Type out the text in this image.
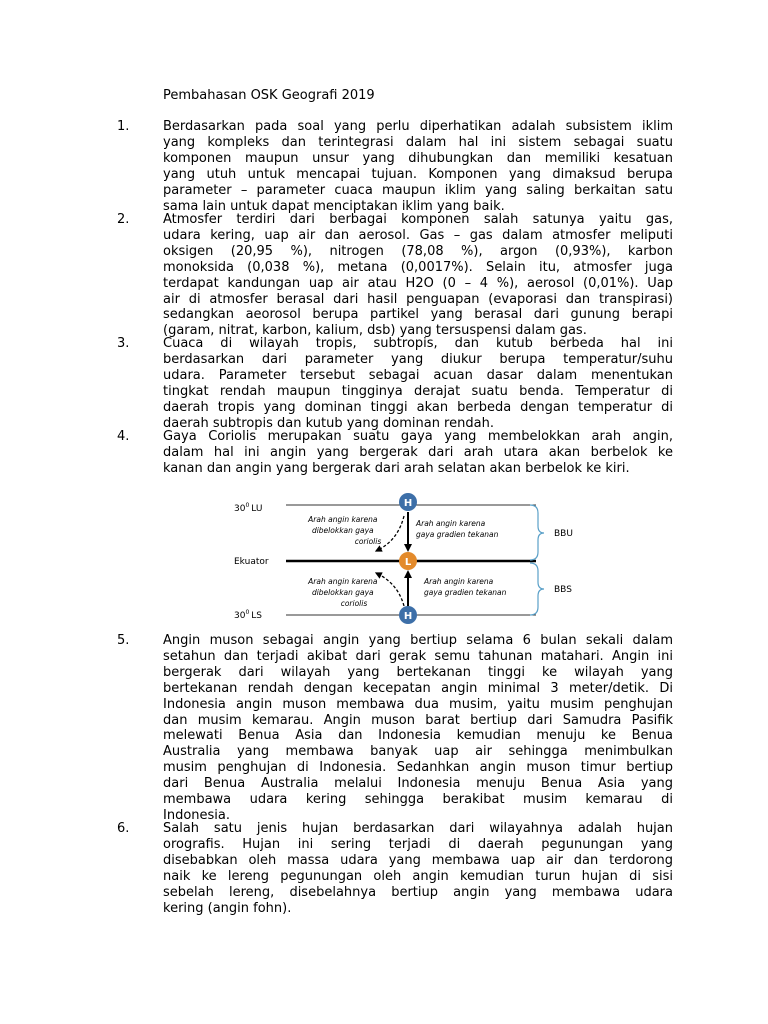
Pembahasan OSK Geografi 2019
1.	Berdasarkan pada soal yang perlu diperhatikan adalah subsistem iklim
yang kompleks dan terintegrasi dalam hal ini sistem sebagai suatu
komponen maupun unsur yang dihubungkan dan memiliki kesatuan
yang utuh untuk mencapai tujuan. Komponen yang dimaksud berupa
parameter – parameter cuaca maupun iklim yang saling berkaitan satu
sama lain untuk dapat menciptakan iklim yang baik.
2.	Atmosfer terdiri dari berbagai komponen salah satunya yaitu gas,
udara kering, uap air dan aerosol. Gas – gas dalam atmosfer meliputi
oksigen (20,95 %), nitrogen (78,08 %), argon (0,93%), karbon
monoksida (0,038 %), metana (0,0017%). Selain itu, atmosfer juga
terdapat kandungan uap air atau H2O (0 – 4 %), aerosol (0,01%). Uap
air di atmosfer berasal dari hasil penguapan (evaporasi dan transpirasi)
sedangkan aeorosol berupa partikel yang berasal dari gunung berapi
(garam, nitrat, karbon, kalium, dsb) yang tersuspensi dalam gas.
3.	Cuaca di wilayah tropis, subtropis, dan kutub berbeda hal ini
berdasarkan dari parameter yang diukur berupa temperatur/suhu
udara. Parameter tersebut sebagai acuan dasar dalam menentukan
tingkat rendah maupun tingginya derajat suatu benda. Temperatur di
daerah tropis yang dominan tinggi akan berbeda dengan temperatur di
daerah subtropis dan kutub yang dominan rendah.
4.	Gaya Coriolis merupakan suatu gaya yang membelokkan arah angin,
dalam hal ini angin yang bergerak dari arah utara akan berbelok ke
kanan dan angin yang bergerak dari arah selatan akan berbelok ke kiri.
$30^0$ LU
$30^0$ LS
Ekuator
BBU
BBS
H
L
H
Arah angin karena dibelokkan gaya coriolis
Arah angin karena gaya gradien tekanan
Arah angin karena dibelokkan gaya coriolis
Arah angin karena gaya gradien tekanan
5.	Angin muson sebagai angin yang bertiup selama 6 bulan sekali dalam
setahun dan terjadi akibat dari gerak semu tahunan matahari. Angin ini
bergerak dari wilayah yang bertekanan tinggi ke wilayah yang
bertekanan rendah dengan kecepatan angin minimal 3 meter/detik. Di
Indonesia angin muson membawa dua musim, yaitu musim penghujan
dan musim kemarau. Angin muson barat bertiup dari Samudra Pasifik
melewati Benua Asia dan Indonesia kemudian menuju ke Benua
Australia yang membawa banyak uap air sehingga menimbulkan
musim penghujan di Indonesia. Sedanhkan angin muson timur bertiup
dari Benua Australia melalui Indonesia menuju Benua Asia yang
membawa udara kering sehingga berakibat musim kemarau di
Indonesia.
6.	Salah satu jenis hujan berdasarkan dari wilayahnya adalah hujan
orografis. Hujan ini sering terjadi di daerah pegunungan yang
disebabkan oleh massa udara yang membawa uap air dan terdorong
naik ke lereng pegunungan oleh angin kemudian turun hujan di sisi
sebelah lereng, disebelahnya bertiup angin yang membawa udara
kering (angin fohn).
